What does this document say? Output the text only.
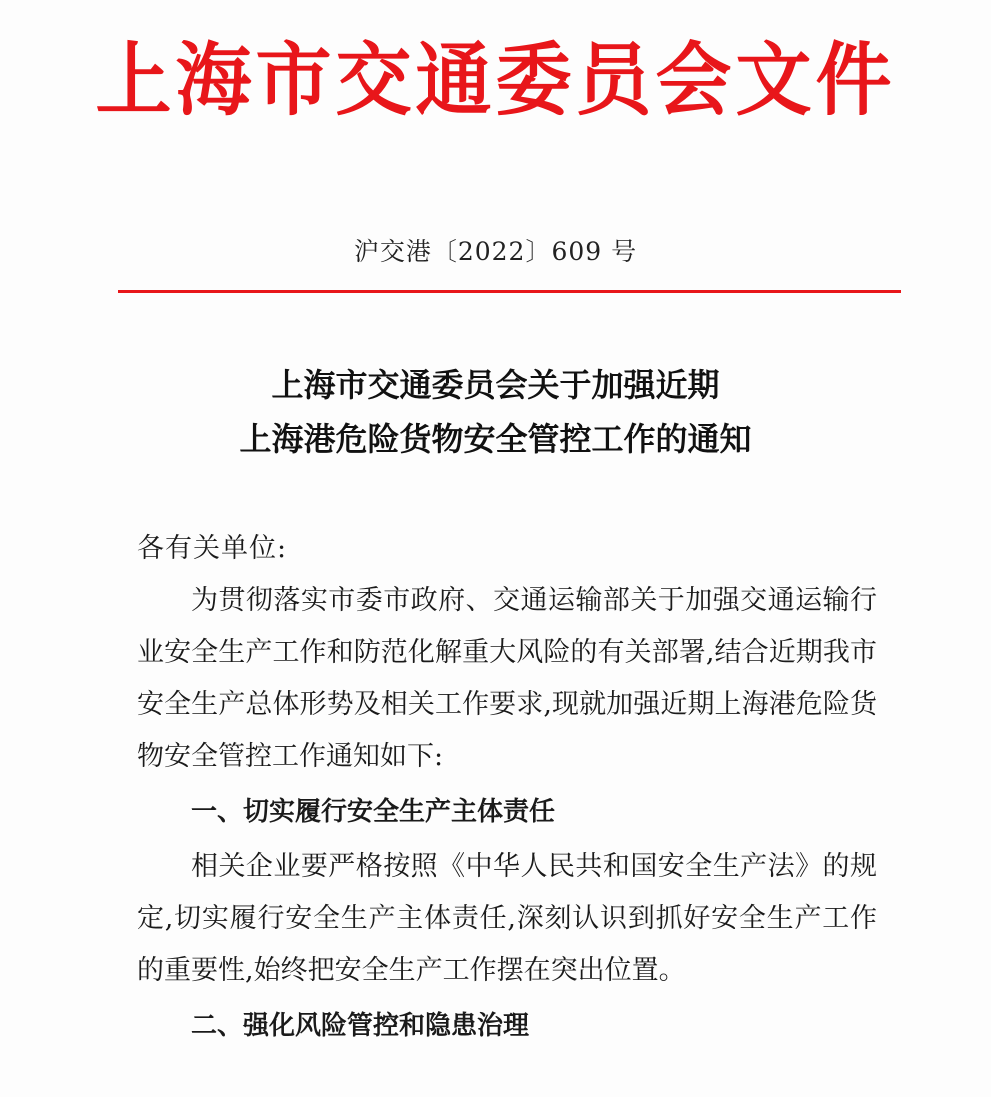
上海市交通委员会文件
沪交港〔2022〕609 号
上海市交通委员会关于加强近期
上海港危险货物安全管控工作的通知

各有关单位:

为贯彻落实市委市政府、交通运输部关于加强交通运输行业安全生产工作和防范化解重大风险的有关部署,结合近期我市安全生产总体形势及相关工作要求,现就加强近期上海港危险货物安全管控工作通知如下:

一、切实履行安全生产主体责任

相关企业要严格按照《中华人民共和国安全生产法》的规定,切实履行安全生产主体责任,深刻认识到抓好安全生产工作的重要性,始终把安全生产工作摆在突出位置。

二、强化风险管控和隐患治理
